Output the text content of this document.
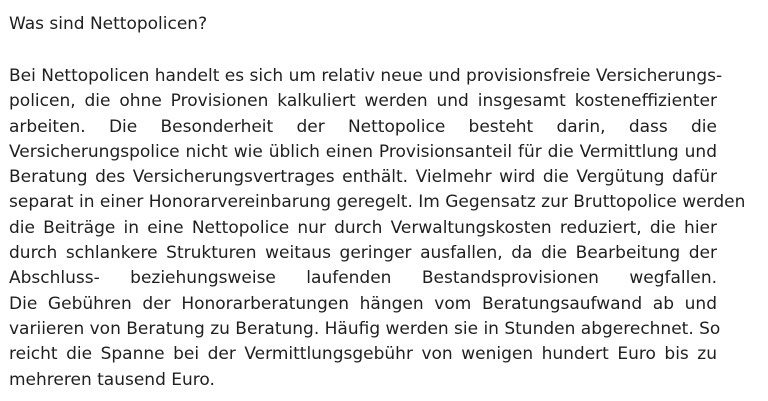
Was sind Nettopolicen?
Bei Nettopolicen handelt es sich um relativ neue und provisionsfreie Versicherungs-
policen, die ohne Provisionen kalkuliert werden und insgesamt kosteneffizienter
arbeiten. Die Besonderheit der Nettopolice besteht darin, dass die
Versicherungspolice nicht wie üblich einen Provisionsanteil für die Vermittlung und
Beratung des Versicherungsvertrages enthält. Vielmehr wird die Vergütung dafür
separat in einer Honorarvereinbarung geregelt. Im Gegensatz zur Bruttopolice werden
die Beiträge in eine Nettopolice nur durch Verwaltungskosten reduziert, die hier
durch schlankere Strukturen weitaus geringer ausfallen, da die Bearbeitung der
Abschluss- beziehungsweise laufenden Bestandsprovisionen wegfallen.
Die Gebühren der Honorarberatungen hängen vom Beratungsaufwand ab und
variieren von Beratung zu Beratung. Häufig werden sie in Stunden abgerechnet. So
reicht die Spanne bei der Vermittlungsgebühr von wenigen hundert Euro bis zu
mehreren tausend Euro.
